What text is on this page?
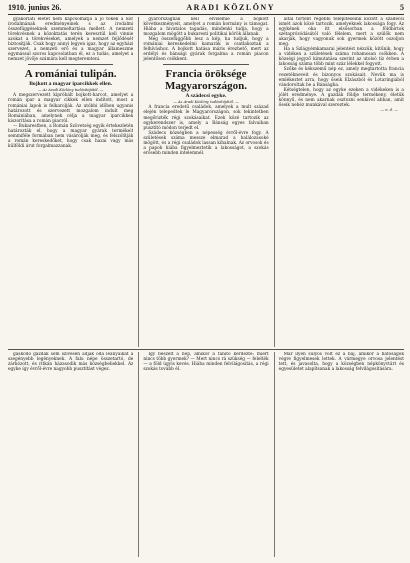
1910. junius 26.	ARADI KÖZLÖNY	5

gyakorlati életet nem kapcsolhatja a jó tőkék a kor irodalmának eredményeinek s az irodalmi összefüggéseknek szemmeltartása mellett. A nemzeti törekvésnek a közoktatás terén keresztül kell vinnie azokat a törekvéseket, amelyek a nemzet fejlődését biztosítják. Csak hogy annyi legyen igaz, hogy az egyházi szervezet, a nemzeti erő és a magyar állameszme egymással szoros kapcsolatban él, ez a tudás, amelyet a nemzet jövője számára kell megteremteni.

A romániai tulipán.
Bojkott a magyar iparcikkek ellen.
— Az Aradi Közlöny tudósítójától. —

A megszervezett kipróbált bojkott-harcot, amelyet a román ipar a magyar cikkek ellen indított, most a romániai lapok is felkarolják. Az utóbbi időben ugyanis határozott és szervezett mozgalom indult meg Romániában, amelynek célja a magyar iparcikkek kiszorítása a román piacról.

— Bukarestben, a Román Szövetség egyik értekezletén határozták el, hogy a magyar gyárak termékeit semmiféle formában nem vásárolják meg, és felszólítják a román kereskedőket, hogy csak hazai vagy más külföldi árut forgalmazzanak.

gyarországnak kell elviselnie a bojkott következményeit, amelyet a román kormány is támogat. Hiába a hivatalos tagadás, mindenki tudja, hogy a mozgalom mögött a bukaresti politikai körök állanak.

Még összefüggőbb lesz a kép, ha tudjuk, hogy a romániai kereskedelmi kamarák is csatlakoztak a felhíváshoz. A bojkott hatása máris érezhető, mert az erdélyi és bánsági gyárak forgalma a román piacon jelentősen csökkent.

Francia öröksége Magyarországon.
A szádecsi egyke.
— Az Aradi Közlöny tudósítójától. —

A francia eredetű családok, amelyek a mult század elején telepedtek le Magyarországon, sok tekintetben megőrizték régi szokásaikat. Ezek közé tartozik az egykerendszer is, amely a Bánság egyes falvaiban pusztító módon terjedt el.

Szádecs községben a népesség évről-évre fogy. A születések száma messze elmarad a halálozásoké mögött, és a régi családok lassan kihalnak. Az orvosok és a papok hiába figyelmeztetik a lakosságot, a szokás erősebb minden intelemnél.

által történt régebbi telepítéseink között a szádecsi ismét azok közé tartozik, amelyeknek lakossága fogy. Az egykének oka itt elsősorban a földbirtok szétaprózódásától való félelem, mert a szülők nem akarják, hogy vagyonuk sok gyermek között oszoljon meg.

Ha a Szlágyémkamarai jelentést nézzük, kitűnik, hogy a vidéken a születések száma rohamosan csökken. A községi jegyző kimutatása szerint az utolsó tíz évben a lakosság száma több mint száz lélekkel fogyott.

Szőke és kékszemű nép ez, amely megtartotta francia vezetékneveit és bizonyos szokásait. Nevük ma is emlékeztet arra, hogy őseik Elzászból és Lotaringiából vándoroltak be a Bánságba.

Kétségtelen, hogy az egyke ezeken a vidékeken is a jólét eredménye. A gazdák földje termékeny, életük könnyű, és nem akarnak osztozni senkivel abban, amit őseik nehéz munkával szereztek.

— n. d. —

gaskodó gazdák sem szívesen adják oda leányaikat a szegényebb legényeknek. A falu népe összetartó, de zárkózott, és ritkán házasodik más községbeliekkel. Az egyke így évről-évre nagyobb pusztítást végez.

Igy beszélt a nép, amikor a tanító kérdezte: miért nincs több gyermek? — Mert nincs rá szükség — felelték — a föld úgyis kevés. Hiába minden felvilágosítás, a régi szokás tovább él.

Már ilyen súlyos volt ez a baj, amikor a hatóságok végre figyelmesek lettek. A vármegye orvosa jelentést tett, és javasolta, hogy a községben népkönyvtárt és egyesületet alapítsanak a lakosság felvilágosítására.
